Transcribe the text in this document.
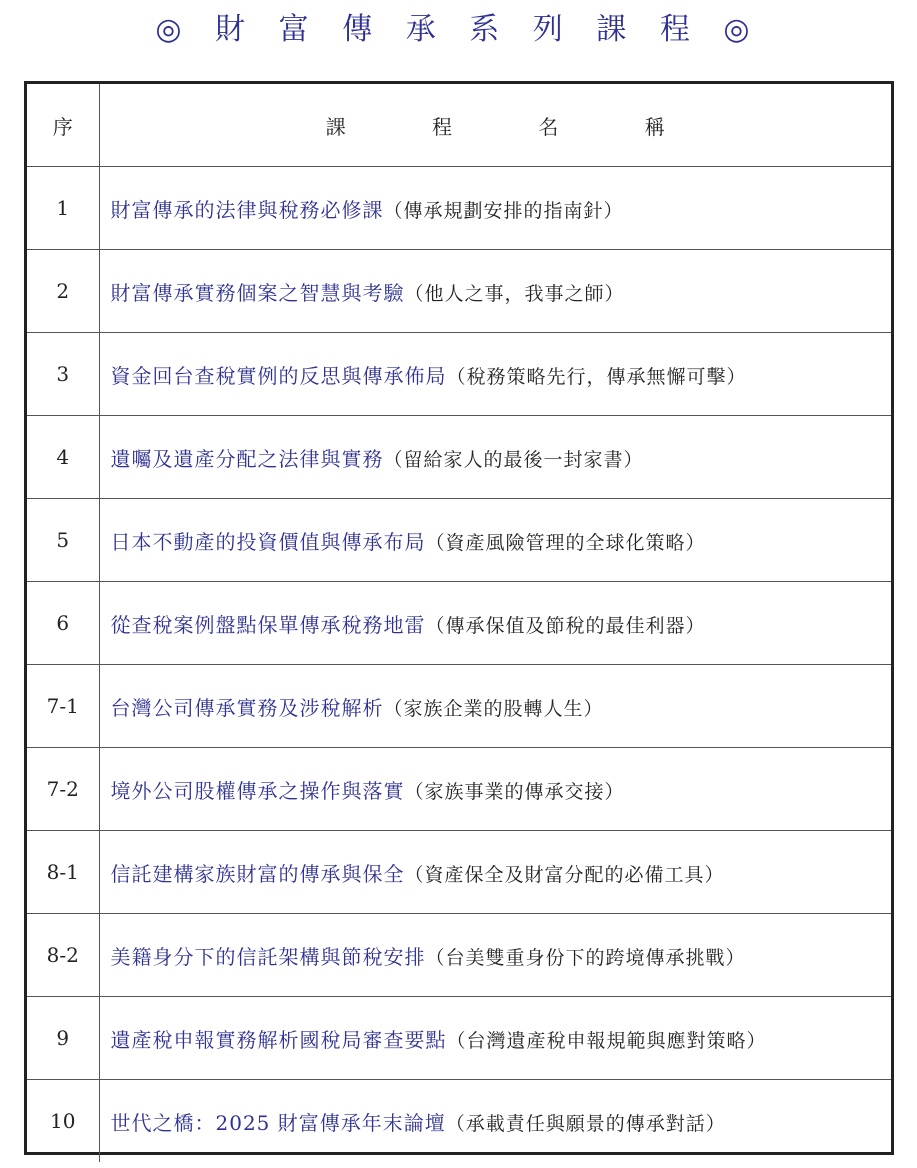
◎ 財 富 傳 承 系 列 課 程 ◎
序	課 程 名 稱
1	財富傳承的法律與稅務必修課（傳承規劃安排的指南針）
2	財富傳承實務個案之智慧與考驗（他人之事，我事之師）
3	資金回台查稅實例的反思與傳承佈局（稅務策略先行，傳承無懈可擊）
4	遺囑及遺產分配之法律與實務（留給家人的最後一封家書）
5	日本不動產的投資價值與傳承布局（資產風險管理的全球化策略）
6	從查稅案例盤點保單傳承稅務地雷（傳承保值及節稅的最佳利器）
7-1	台灣公司傳承實務及涉稅解析（家族企業的股轉人生）
7-2	境外公司股權傳承之操作與落實（家族事業的傳承交接）
8-1	信託建構家族財富的傳承與保全（資產保全及財富分配的必備工具）
8-2	美籍身分下的信託架構與節稅安排（台美雙重身份下的跨境傳承挑戰）
9	遺產稅申報實務解析國稅局審查要點（台灣遺產稅申報規範與應對策略）
10	世代之橋：2025 財富傳承年末論壇（承載責任與願景的傳承對話）
